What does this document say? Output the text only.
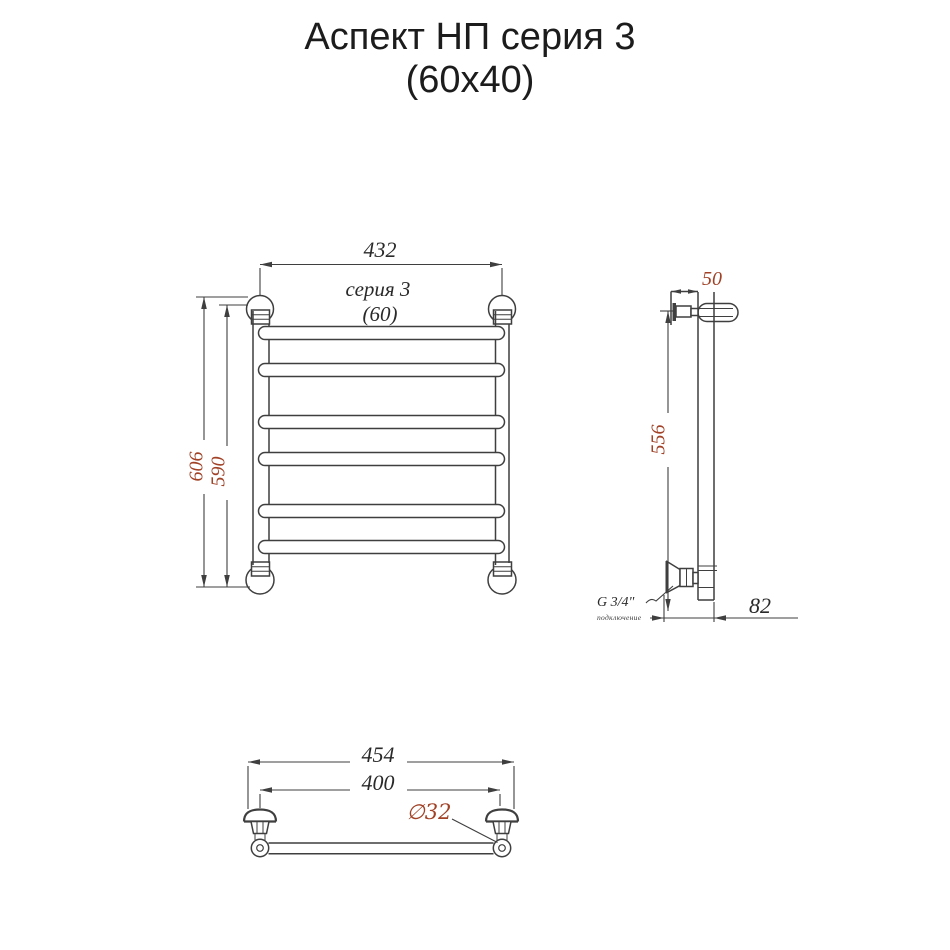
Аспект НП серия 3
(60x40)
432
серия 3
(60)
606 590
50
556
82
G 3/4"
подключение
454
400
∅32
